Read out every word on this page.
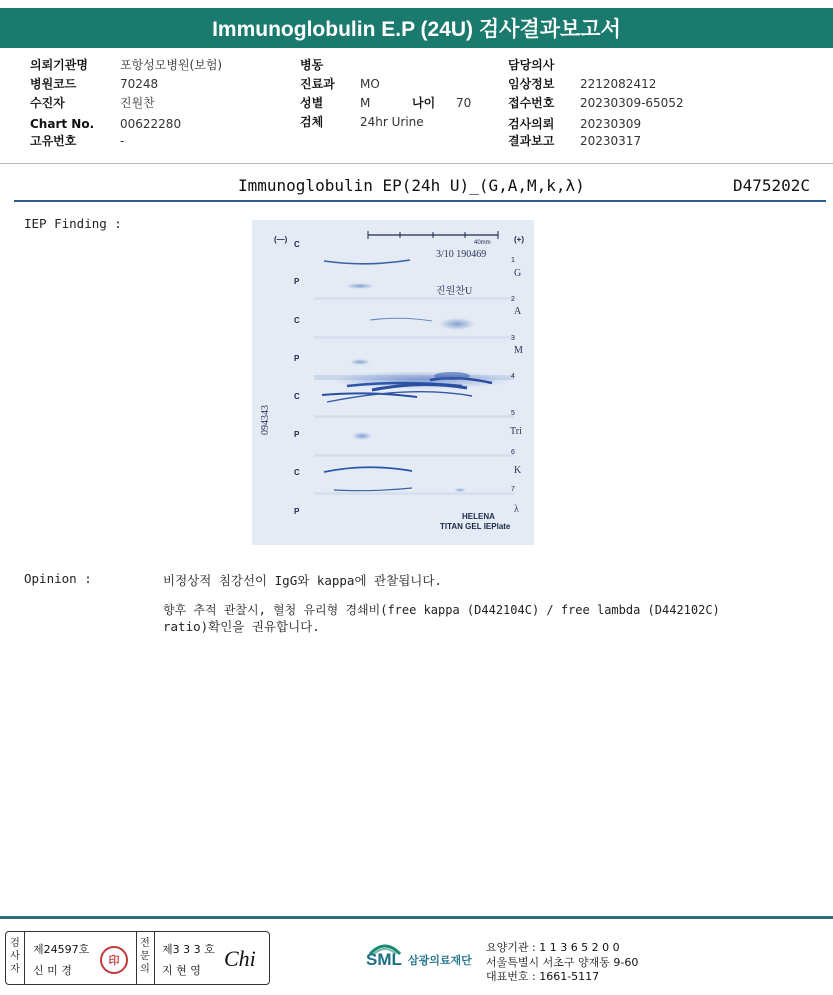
Immunoglobulin E.P (24U) 검사결과보고서
의뢰기관명	포항성모병원(보험)
병원코드	70248
수진자	진원찬
Chart No. 00622280
고유번호	-
병동
진료과 MO
성별	M	나이 70
검체	24hr Urine
담당의사
임상정보 2212082412
접수번호 20230309-65052
검사의뢰 20230309
결과보고 20230317
Immunoglobulin EP(24h U)_(G,A,M,k,λ)	D475202C
IEP Finding :
(—)	(+)
40mm
3/10 190469
진원찬U
094343
C
P
C
P
C
P
C
P
1
2
3
4
5
6
7
G
A
M
Tri
K
λ
HELENA
TITAN GEL IEPlate
Opinion :	비정상적 침강선이 IgG와 kappa에 관찰됩니다.
향후 추적 관찰시, 혈청 유리형 경쇄비(free kappa (D442104C) / free lambda (D442102C)
ratio)확인을 권유합니다.
검
사
자
제24597호
신 미 경
印
전
문
의
제3 3 3 호
지 현 영 Chi	SML 삼광의료재단
요양기관 : 1 1 3 6 5 2 0 0
서울특별시 서초구 양재동 9-60
대표번호 : 1661-5117
